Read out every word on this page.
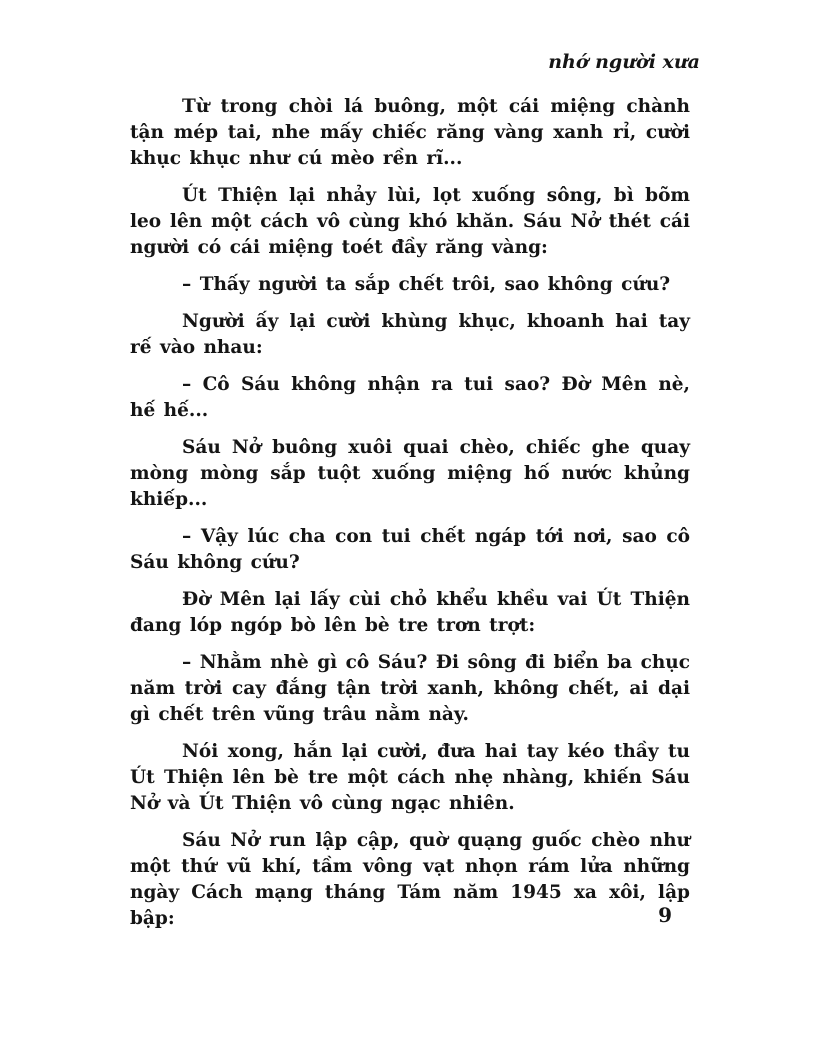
nhớ người xưa

Từ trong chòi lá buông, một cái miệng chành tận mép tai, nhe mấy chiếc răng vàng xanh rỉ, cười khục khục như cú mèo rền rĩ...

Út Thiện lại nhảy lùi, lọt xuống sông, bì bõm leo lên một cách vô cùng khó khăn. Sáu Nở thét cái người có cái miệng toét đầy răng vàng:

– Thấy người ta sắp chết trôi, sao không cứu?

Người ấy lại cười khùng khục, khoanh hai tay rế vào nhau:

– Cô Sáu không nhận ra tui sao? Đờ Mên nè, hế hế...

Sáu Nở buông xuôi quai chèo, chiếc ghe quay mòng mòng sắp tuột xuống miệng hố nước khủng khiếp...

– Vậy lúc cha con tui chết ngáp tới nơi, sao cô Sáu không cứu?

Đờ Mên lại lấy cùi chỏ khểu khều vai Út Thiện đang lóp ngóp bò lên bè tre trơn trợt:

– Nhằm nhè gì cô Sáu? Đi sông đi biển ba chục năm trời cay đắng tận trời xanh, không chết, ai dại gì chết trên vũng trâu nằm này.

Nói xong, hắn lại cười, đưa hai tay kéo thầy tu Út Thiện lên bè tre một cách nhẹ nhàng, khiến Sáu Nở và Út Thiện vô cùng ngạc nhiên.

Sáu Nở run lập cập, quờ quạng guốc chèo như một thứ vũ khí, tầm vông vạt nhọn rám lửa những ngày Cách mạng tháng Tám năm 1945 xa xôi, lập bập:	9
